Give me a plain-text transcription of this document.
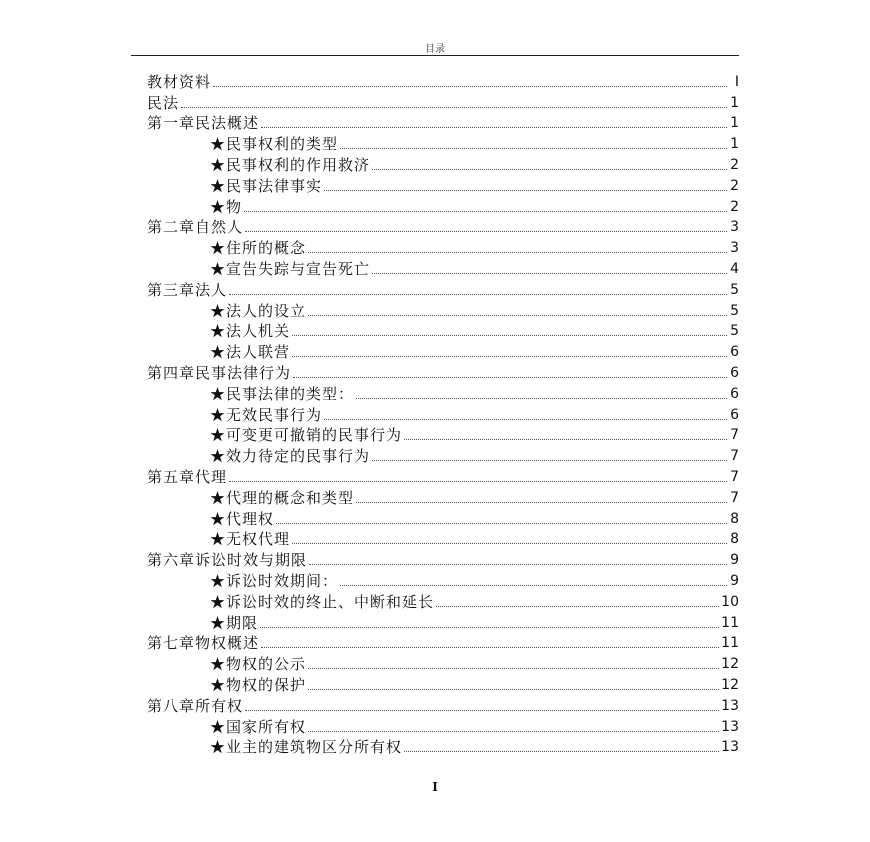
目录
教材资料	I
民法	1
第一章民法概述	1
★民事权利的类型	1
★民事权利的作用救济	2
★民事法律事实	2
★物	2
第二章自然人	3
★住所的概念	3
★宣告失踪与宣告死亡	4
第三章法人	5
★法人的设立	5
★法人机关	5
★法人联营	6
第四章民事法律行为	6
★民事法律的类型：	6
★无效民事行为	6
★可变更可撤销的民事行为	7
★效力待定的民事行为	7
第五章代理	7
★代理的概念和类型	7
★代理权	8
★无权代理	8
第六章诉讼时效与期限	9
★诉讼时效期间：	9
★诉讼时效的终止、中断和延长	10
★期限	11
第七章物权概述	11
★物权的公示	12
★物权的保护	12
第八章所有权	13
★国家所有权	13
★业主的建筑物区分所有权	13
I
